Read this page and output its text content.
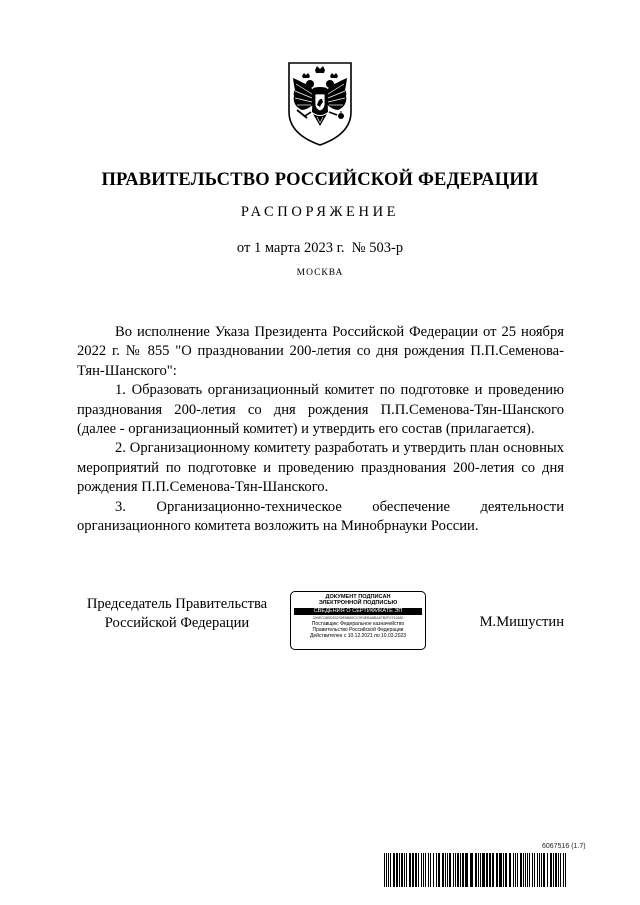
ПРАВИТЕЛЬСТВО РОССИЙСКОЙ ФЕДЕРАЦИИ
РАСПОРЯЖЕНИЕ
от 1 марта 2023 г.  № 503-р
МОСКВА

Во исполнение Указа Президента Российской Федерации от 25 ноября 2022 г. № 855 "О праздновании 200-летия со дня рождения П.П.Семенова-Тян-Шанского":

1. Образовать организационный комитет по подготовке и проведению празднования 200-летия со дня рождения П.П.Семенова-Тян-Шанского (далее - организационный комитет) и утвердить его состав (прилагается).

2. Организационному комитету разработать и утвердить план основных мероприятий по подготовке и проведению празднования 200-летия со дня рождения П.П.Семенова-Тян-Шанского.

3. Организационно-техническое обеспечение деятельности организационного комитета возложить на Минобрнауки России.

Председатель Правительства
Российской Федерации
ДОКУМЕНТ ПОДПИСАН
ЭЛЕКТРОННОЙ ПОДПИСЬЮ
СВЕДЕНИЯ О СЕРТИФИКАТЕ ЭП
2A9EC385D93239E6B89CC9F4EBA8BA87B2F0741680
Поставщик: Федеральное казначейство
Правительство Российской Федерации
Действителен с 10.12.2021 по 10.03.2023
М.Мишустин
6067516 (1.7)
